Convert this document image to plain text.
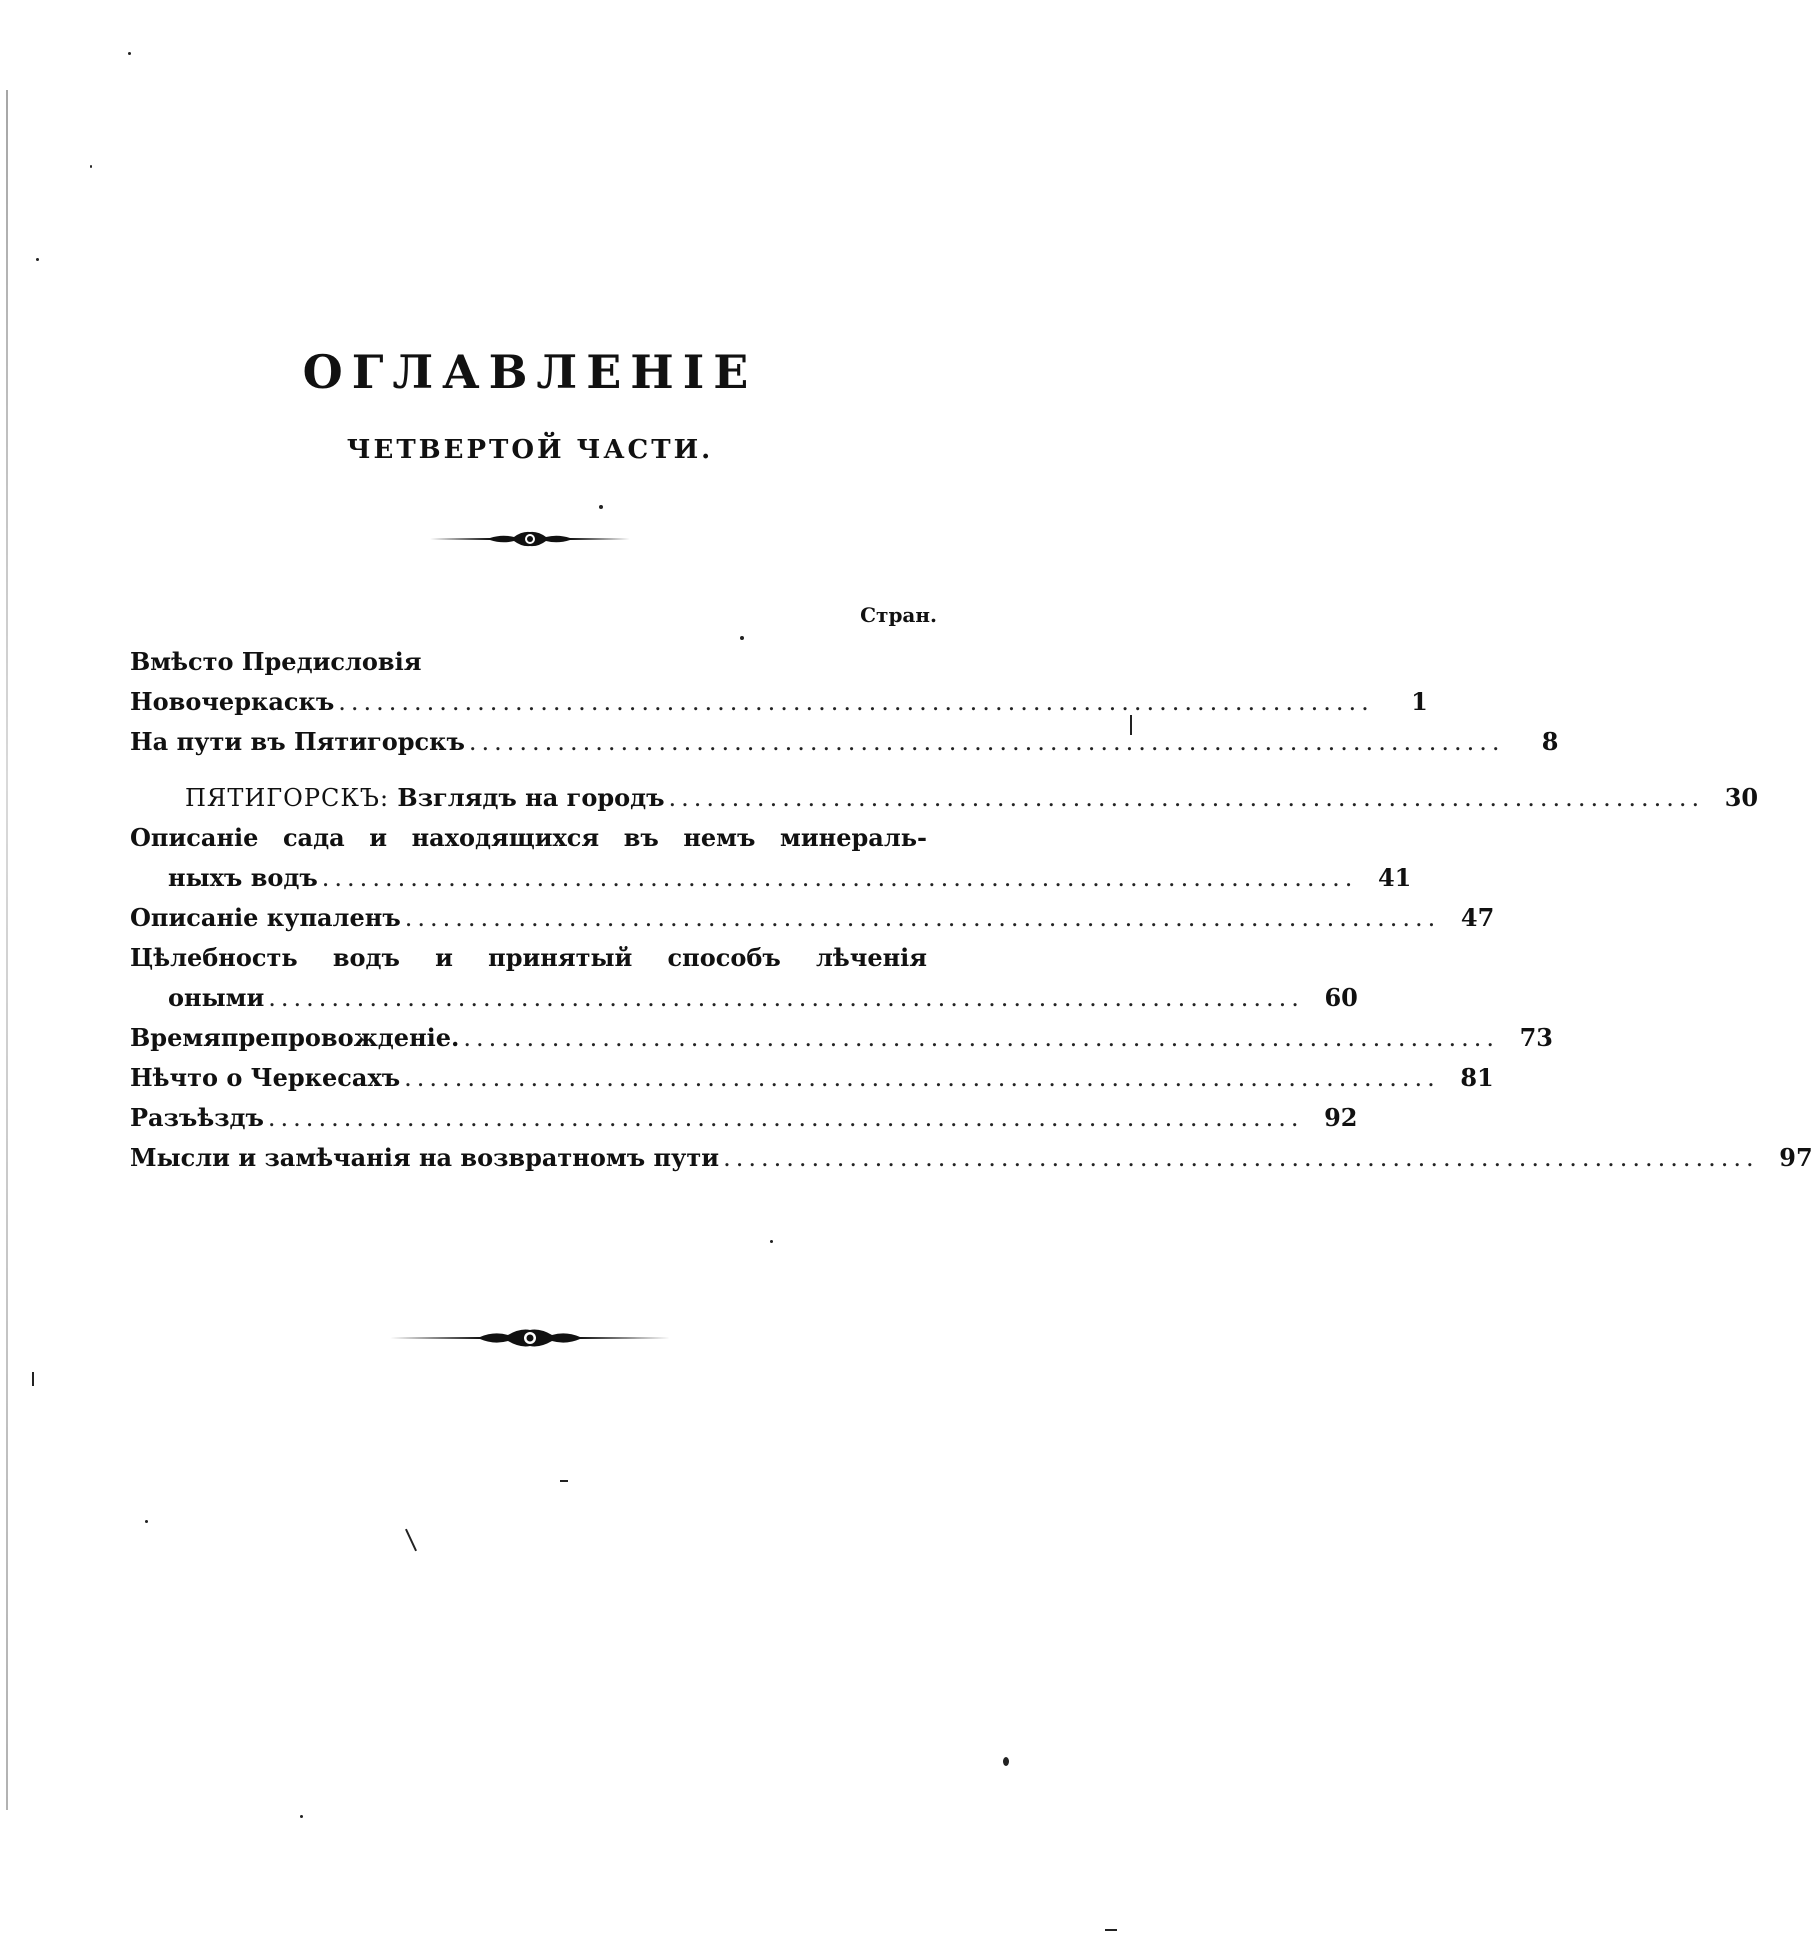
ОГЛАВЛЕНІЕ
ЧЕТВЕРТОЙ ЧАСТИ.
Стран.
Вмѣсто Предисловія
Новочеркаскъ ..................................................................................	1
На пути въ Пятигорскъ ..................................................................................	8
ПЯТИГОРСКЪ: Взглядъ на городъ .................................................................................. 30
Описаніе сада и находящихся въ немъ минераль-
ныхъ водъ .................................................................................. 41
Описаніе купаленъ .................................................................................. 47
Цѣлебность водъ и принятый способъ лѣченія
оными .................................................................................. 60
Времяпрепровожденіе. .................................................................................. 73
Нѣчто о Черкесахъ .................................................................................. 81
Разъѣздъ .................................................................................. 92
Мысли и замѣчанія на возвратномъ пути .................................................................................. 97
